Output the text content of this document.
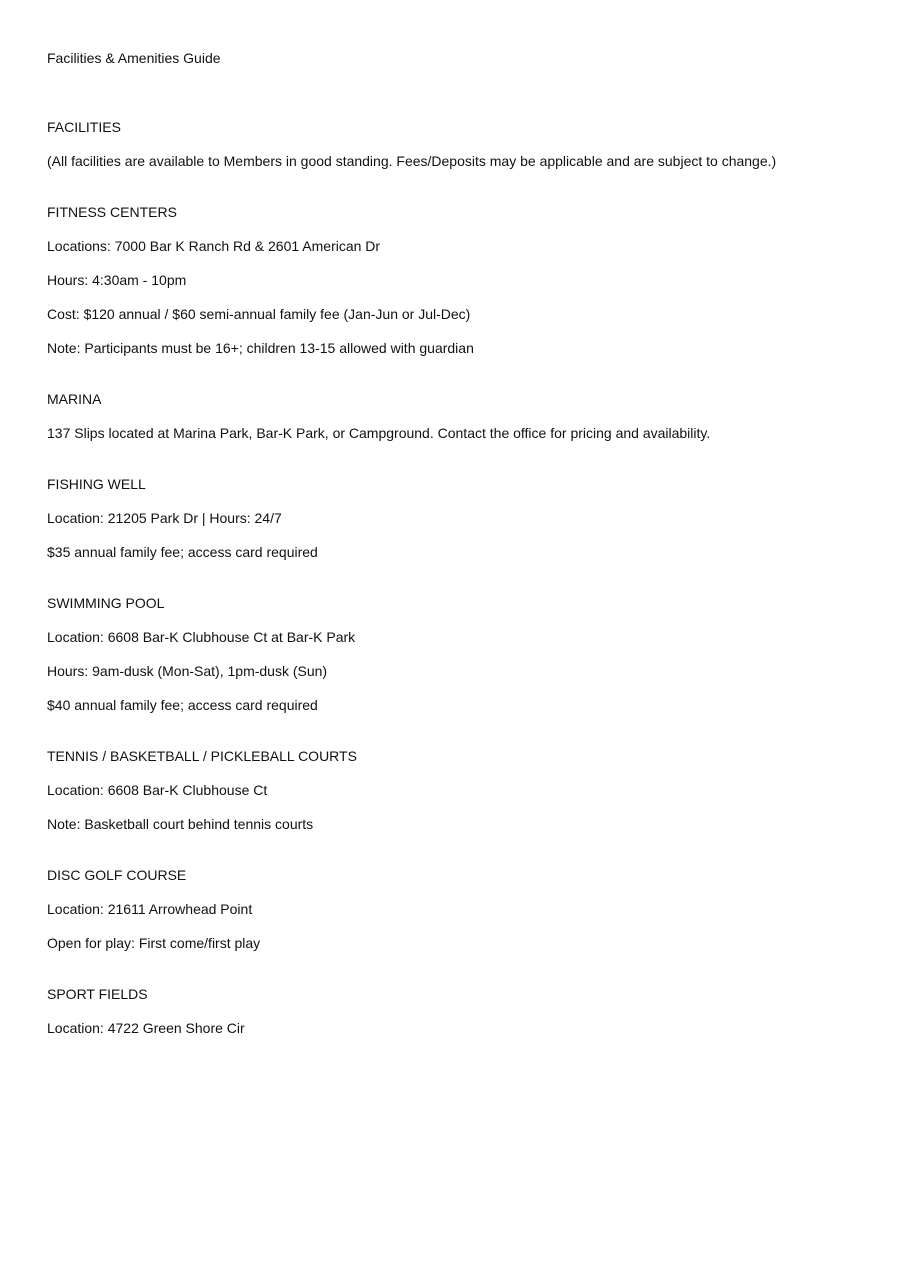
Facilities & Amenities Guide

FACILITIES

(All facilities are available to Members in good standing. Fees/Deposits may be applicable and are subject to change.)

FITNESS CENTERS

Locations: 7000 Bar K Ranch Rd & 2601 American Dr

Hours: 4:30am - 10pm

Cost: $120 annual / $60 semi-annual family fee (Jan-Jun or Jul-Dec)

Note: Participants must be 16+; children 13-15 allowed with guardian

MARINA

137 Slips located at Marina Park, Bar-K Park, or Campground. Contact the office for pricing and availability.

FISHING WELL

Location: 21205 Park Dr | Hours: 24/7

$35 annual family fee; access card required

SWIMMING POOL

Location: 6608 Bar-K Clubhouse Ct at Bar-K Park

Hours: 9am-dusk (Mon-Sat), 1pm-dusk (Sun)

$40 annual family fee; access card required

TENNIS / BASKETBALL / PICKLEBALL COURTS

Location: 6608 Bar-K Clubhouse Ct

Note: Basketball court behind tennis courts

DISC GOLF COURSE

Location: 21611 Arrowhead Point

Open for play: First come/first play

SPORT FIELDS

Location: 4722 Green Shore Cir
